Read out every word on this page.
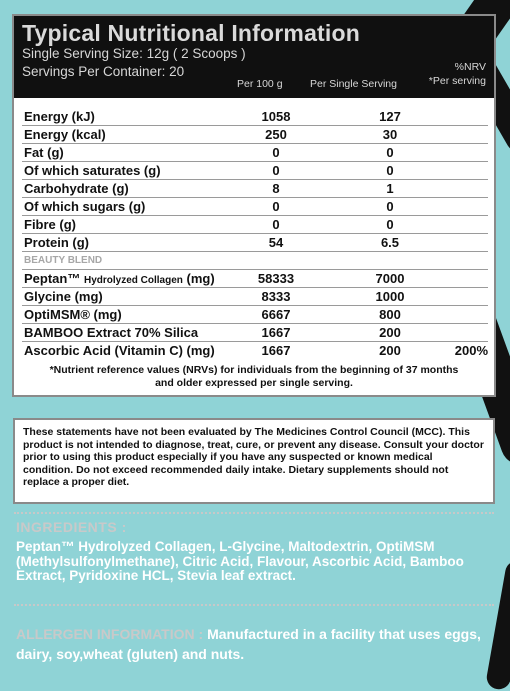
Typical Nutritional Information
Single Serving Size: 12g ( 2 Scoops )
Servings Per Container: 20
Per 100 g	Per Single Serving
%NRV
*Per serving
Energy (kJ)	1058	127
Energy (kcal)	250	30
Fat (g)	0	0
Of which saturates (g)	0	0
Carbohydrate (g)	8	1
Of which sugars (g)	0	0
Fibre (g)	0	0
Protein (g)	54	6.5
BEAUTY BLEND
Peptan™ Hydrolyzed Collagen (mg)	58333	7000
Glycine (mg)	8333	1000
OptiMSM® (mg)	6667	800
BAMBOO Extract 70% Silica	1667	200
Ascorbic Acid (Vitamin C) (mg)	1667	200	200%
*Nutrient reference values (NRVs) for individuals from the beginning of 37 months and older expressed per single serving.
These statements have not been evaluated by The Medicines Control Council (MCC). This product is not intended to diagnose, treat, cure, or prevent any disease. Consult your doctor prior to using this product especially if you have any suspected or known medical condition. Do not exceed recommended daily intake. Dietary supplements should not replace a proper diet.
INGREDIENTS :
Peptan™ Hydrolyzed Collagen, L-Glycine, Maltodextrin, OptiMSM (Methylsulfonylmethane), Citric Acid, Flavour, Ascorbic Acid, Bamboo Extract, Pyridoxine HCL, Stevia leaf extract.
ALLERGEN INFORMATION : Manufactured in a facility that uses eggs, dairy, soy,wheat (gluten) and nuts.
